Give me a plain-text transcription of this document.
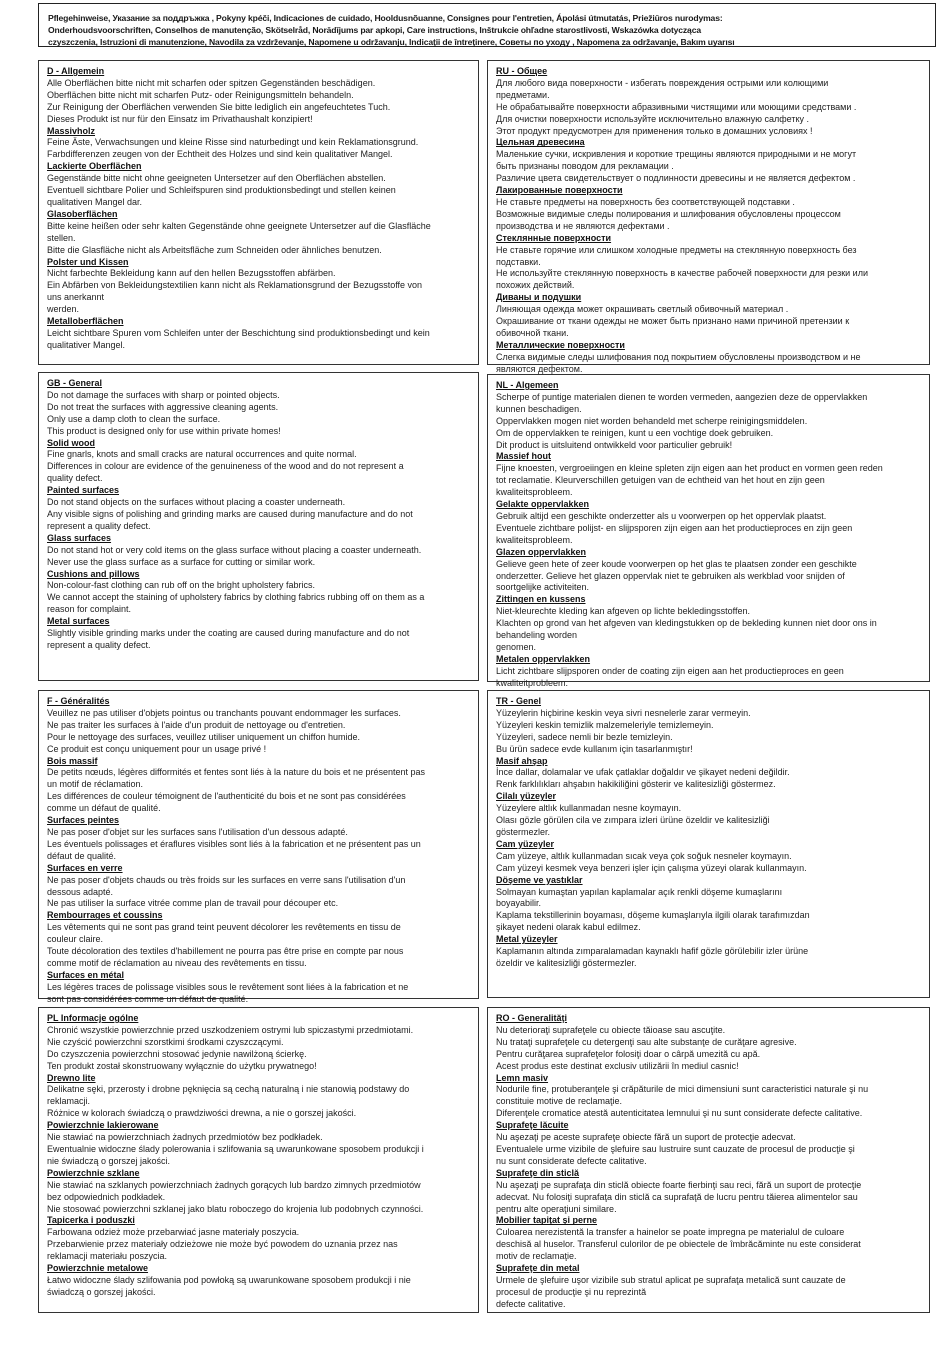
Pflegehinweise, Указание за поддръжка , Pokyny kpéči, Indicaciones de cuidado, Hooldusnõuanne, Consignes pour l'entretien, Ápolási útmutatás, Priežiūros nurodymas:
Onderhoudsvoorschriften, Conselhos de manutenção, Skötselråd, Norādījums par apkopi, Care instructions, Inštrukcie ohľadne starostlivosti, Wskazówka dotycząca
czyszczenia, Istruzioni di manutenzione, Navodila za vzdrževanje, Napomene u održavanju, Indicaţii de întreţinere, Советы по уходу , Napomena za održavanje, Bakım uyarısı
D - Allgemein
Alle Oberflächen bitte nicht mit scharfen oder spitzen Gegenständen beschädigen.
Oberflächen bitte nicht mit scharfen Putz- oder Reinigungsmitteln behandeln.
Zur Reinigung der Oberflächen verwenden Sie bitte lediglich ein angefeuchtetes Tuch.
Dieses Produkt ist nur für den Einsatz im Privathaushalt konzipiert!
Massivholz
Feine Äste, Verwachsungen und kleine Risse sind naturbedingt und kein Reklamationsgrund.
Farbdifferenzen zeugen von der Echtheit des Holzes und sind kein qualitativer Mangel.
Lackierte Oberflächen
Gegenstände bitte nicht ohne geeigneten Untersetzer auf den Oberflächen abstellen.
Eventuell sichtbare Polier und Schleifspuren sind produktionsbedingt und stellen keinen
qualitativen Mangel dar.
Glasoberflächen
Bitte keine heißen oder sehr kalten Gegenstände ohne geeignete Untersetzer auf die Glasfläche
stellen.
Bitte die Glasfläche nicht als Arbeitsfläche zum Schneiden oder ähnliches benutzen.
Polster und Kissen
Nicht farbechte Bekleidung kann auf den hellen Bezugsstoffen abfärben.
Ein Abfärben von Bekleidungstextilien kann nicht als Reklamationsgrund der Bezugsstoffe von
uns anerkannt
werden.
Metalloberflächen
Leicht sichtbare Spuren vom Schleifen unter der Beschichtung sind produktionsbedingt und kein
qualitativer Mangel.
RU - Общее
Для любого вида поверхности - избегать повреждения острыми или колющими
предметами.
Не обрабатывайте поверхности абразивными чистящими или моющими средствами .
Для очистки поверхности используйте исключительно влажную салфетку .
Этот продукт предусмотрен для применения только в домашних условиях !
Цельная древесина
Маленькие сучки, искривления и короткие трещины являются природными и не могут
быть признаны поводом для рекламации .
Различие цвета свидетельствует о подлинности древесины и не является дефектом .
Лакированные поверхности
Не ставьте предметы на поверхность без соответствующей подставки .
Возможные видимые следы полирования и шлифования обусловлены процессом
производства и не являются дефектами .
Стеклянные поверхности
Не ставьте горячие или слишком холодные предметы на стеклянную поверхность без
подставки.
Не используйте стеклянную поверхность в качестве рабочей поверхности для резки или
похожих действий.
Диваны и подушки
Линяющая одежда может окрашивать светлый обивочный материал .
Окрашивание от ткани одежды не может быть признано нами причиной претензии к
обивочной ткани.
Металлические поверхности
Слегка видимые следы шлифования под покрытием обусловлены производством и не
являются дефектом.
GB - General
Do not damage the surfaces with sharp or pointed objects.
Do not treat the surfaces with aggressive cleaning agents.
Only use a damp cloth to clean the surface.
This product is designed only for use within private homes!
Solid wood
Fine gnarls, knots and small cracks are natural occurrences and quite normal.
Differences in colour are evidence of the genuineness of the wood and do not represent a
quality defect.
Painted surfaces
Do not stand objects on the surfaces without placing a coaster underneath.
Any visible signs of polishing and grinding marks are caused during manufacture and do not
represent a quality defect.
Glass surfaces
Do not stand hot or very cold items on the glass surface without placing a coaster underneath.
Never use the glass surface as a surface for cutting or similar work.
Cushions and pillows
Non-colour-fast clothing can rub off on the bright upholstery fabrics.
We cannot accept the staining of upholstery fabrics by clothing fabrics rubbing off on them as a
reason for complaint.
Metal surfaces
Slightly visible grinding marks under the coating are caused during manufacture and do not
represent a quality defect.
NL - Algemeen
Scherpe of puntige materialen dienen te worden vermeden, aangezien deze de oppervlakken
kunnen beschadigen.
Oppervlakken mogen niet worden behandeld met scherpe reinigingsmiddelen.
Om de oppervlakken te reinigen, kunt u een vochtige doek gebruiken.
Dit product is uitsluitend ontwikkeld voor particulier gebruik!
Massief hout
Fijne knoesten, vergroeiingen en kleine spleten zijn eigen aan het product en vormen geen reden
tot reclamatie. Kleurverschillen getuigen van de echtheid van het hout en zijn geen
kwaliteitsprobleem.
Gelakte oppervlakken
Gebruik altijd een geschikte onderzetter als u voorwerpen op het oppervlak plaatst.
Eventuele zichtbare polijst- en slijpsporen zijn eigen aan het productieproces en zijn geen
kwaliteitsprobleem.
Glazen oppervlakken
Gelieve geen hete of zeer koude voorwerpen op het glas te plaatsen zonder een geschikte
onderzetter. Gelieve het glazen oppervlak niet te gebruiken als werkblad voor snijden of
soortgelijke activiteiten.
Zittingen en kussens
Niet-kleurechte kleding kan afgeven op lichte bekledingsstoffen.
Klachten op grond van het afgeven van kledingstukken op de bekleding kunnen niet door ons in
behandeling worden
genomen.
Metalen oppervlakken
Licht zichtbare slijpsporen onder de coating zijn eigen aan het productieproces en geen
kwaliteitprobleem.
F - Généralités
Veuillez ne pas utiliser d'objets pointus ou tranchants pouvant endommager les surfaces.
Ne pas traiter les surfaces à l'aide d'un produit de nettoyage ou d'entretien.
Pour le nettoyage des surfaces, veuillez utiliser uniquement un chiffon humide.
Ce produit est conçu uniquement pour un usage privé !
Bois massif
De petits nœuds, légères difformités et fentes sont liés à la nature du bois et ne présentent pas
un motif de réclamation.
Les différences de couleur témoignent de l'authenticité du bois et ne sont pas considérées
comme un défaut de qualité.
Surfaces peintes
Ne pas poser d'objet sur les surfaces sans l'utilisation d'un dessous adapté.
Les éventuels polissages et éraflures visibles sont liés à la fabrication et ne présentent pas un
défaut de qualité.
Surfaces en verre
Ne pas poser d'objets chauds ou très froids sur les surfaces en verre sans l'utilisation d'un
dessous adapté.
Ne pas utiliser la surface vitrée comme plan de travail pour découper etc.
Rembourrages et coussins
Les vêtements qui ne sont pas grand teint peuvent décolorer les revêtements en tissu de
couleur claire.
Toute décoloration des textiles d'habillement ne pourra pas être prise en compte par nous
comme motif de réclamation au niveau des revêtements en tissu.
Surfaces en métal
Les légères traces de polissage visibles sous le revêtement sont liées à la fabrication et ne
sont pas considérées comme un défaut de qualité.
TR - Genel
Yüzeylerin hiçbirine keskin veya sivri nesnelerle zarar vermeyin.
Yüzeyleri keskin temizlik malzemeleriyle temizlemeyin.
Yüzeyleri, sadece nemli bir bezle temizleyin.
Bu ürün sadece evde kullanım için tasarlanmıştır!
Masif ahşap
İnce dallar, dolamalar ve ufak çatlaklar doğaldır ve şikayet nedeni değildir.
Renk farklılıkları ahşabın hakikiliğini gösterir ve kalitesizliği göstermez.
Cilalı yüzeyler
Yüzeylere altlık kullanmadan nesne koymayın.
Olası gözle görülen cila ve zımpara izleri ürüne özeldir ve kalitesizliği
göstermezler.
Cam yüzeyler
Cam yüzeye, altlık kullanmadan sıcak veya çok soğuk nesneler koymayın.
Cam yüzeyi kesmek veya benzeri işler için çalışma yüzeyi olarak kullanmayın.
Döşeme ve yastıklar
Solmayan kumaştan yapılan kaplamalar açık renkli döşeme kumaşlarını
boyayabilir.
Kaplama tekstillerinin boyaması, döşeme kumaşlarıyla ilgili olarak tarafımızdan
şikayet nedeni olarak kabul edilmez.
Metal yüzeyler
Kaplamanın altında zımparalamadan kaynaklı hafif gözle görülebilir izler ürüne
özeldir ve kalitesizliği göstermezler.
PL Informacje ogólne
Chronić wszystkie powierzchnie przed uszkodzeniem ostrymi lub spiczastymi przedmiotami.
Nie czyścić powierzchni szorstkimi środkami czyszczącymi.
Do czyszczenia powierzchni stosować jedynie nawilżoną ścierkę.
Ten produkt został skonstruowany wyłącznie do użytku prywatnego!
Drewno lite
Delikatne sęki, przerosty i drobne pęknięcia są cechą naturalną i nie stanowią podstawy do
reklamacji.
Różnice w kolorach świadczą o prawdziwości drewna, a nie o gorszej jakości.
Powierzchnie lakierowane
Nie stawiać na powierzchniach żadnych przedmiotów bez podkładek.
Ewentualnie widoczne ślady polerowania i szlifowania są uwarunkowane sposobem produkcji i
nie świadczą o gorszej jakości.
Powierzchnie szklane
Nie stawiać na szklanych powierzchniach żadnych gorących lub bardzo zimnych przedmiotów
bez odpowiednich podkładek.
Nie stosować powierzchni szklanej jako blatu roboczego do krojenia lub podobnych czynności.
Tapicerka i poduszki
Farbowana odzież może przebarwiać jasne materiały poszycia.
Przebarwienie przez materiały odzieżowe nie może być powodem do uznania przez nas
reklamacji materiału poszycia.
Powierzchnie metalowe
Łatwo widoczne ślady szlifowania pod powłoką są uwarunkowane sposobem produkcji i nie
świadczą o gorszej jakości.
RO - Generalităţi
Nu deterioraţi suprafeţele cu obiecte tăioase sau ascuţite.
Nu trataţi suprafeţele cu detergenţi sau alte substanţe de curăţare agresive.
Pentru curăţarea suprafeţelor folosiţi doar o cârpă umezită cu apă.
Acest produs este destinat exclusiv utilizării în mediul casnic!
Lemn masiv
Nodurile fine, protuberanţele şi crăpăturile de mici dimensiuni sunt caracteristici naturale şi nu
constituie motive de reclamaţie.
Diferenţele cromatice atestă autenticitatea lemnului şi nu sunt considerate defecte calitative.
Suprafeţe lăcuite
Nu aşezaţi pe aceste suprafeţe obiecte fără un suport de protecţie adecvat.
Eventualele urme vizibile de şlefuire sau lustruire sunt cauzate de procesul de producţie şi
nu sunt considerate defecte calitative.
Suprafeţe din sticlă
Nu aşezaţi pe suprafaţa din sticlă obiecte foarte fierbinţi sau reci, fără un suport de protecţie
adecvat. Nu folosiţi suprafaţa din sticlă ca suprafaţă de lucru pentru tăierea alimentelor sau
pentru alte operaţiuni similare.
Mobilier tapiţat şi perne
Culoarea nerezistentă la transfer a hainelor se poate impregna pe materialul de culoare
deschisă al huselor. Transferul culorilor de pe obiectele de îmbrăcăminte nu este considerat
motiv de reclamaţie.
Suprafeţe din metal
Urmele de şlefuire uşor vizibile sub stratul aplicat pe suprafaţa metalică sunt cauzate de
procesul de producţie şi nu reprezintă
defecte calitative.
